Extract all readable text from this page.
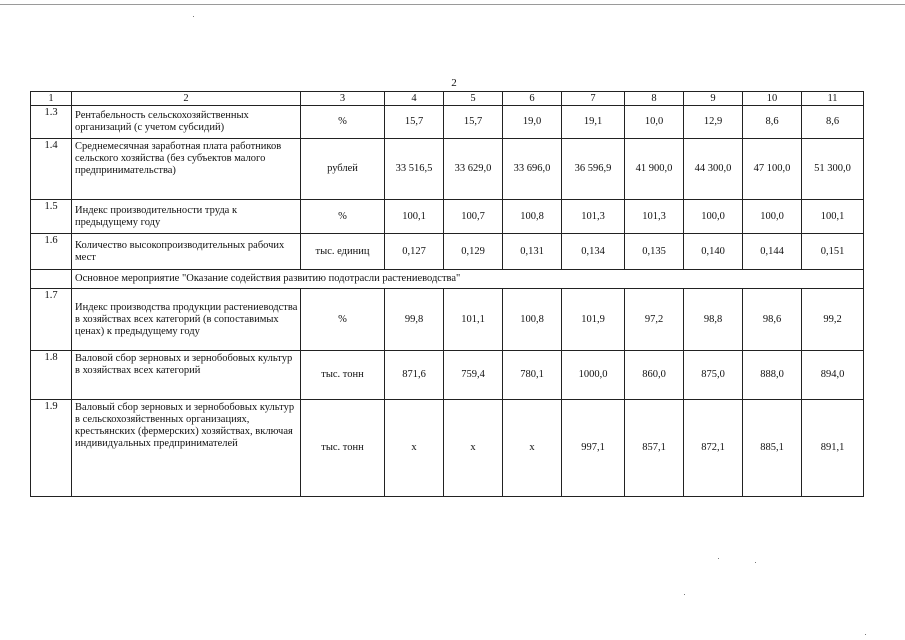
2
1	2	3	4	5	6	7	8	9	10	11
1.3	Рентабельность сельскохозяйственных организаций (с учетом субсидий)	%	15,7	15,7	19,0	19,1	10,0	12,9	8,6	8,6
1.4	Среднемесячная заработная плата работников сельского хозяйства (без субъектов малого предпринимательства)	рублей	33 516,5	33 629,0	33 696,0	36 596,9	41 900,0	44 300,0	47 100,0	51 300,0
1.5	Индекс производительности труда к предыдущему году	%	100,1	100,7	100,8	101,3	101,3	100,0	100,0	100,1
1.6	Количество высокопроизводительных рабочих мест	тыс. единиц	0,127	0,129	0,131	0,134	0,135	0,140	0,144	0,151
	Основное мероприятие "Оказание содействия развитию подотрасли растениеводства"									
1.7	Индекс производства продукции растениеводства в хозяйствах всех категорий (в сопоставимых ценах) к предыдущему году	%	99,8	101,1	100,8	101,9	97,2	98,8	98,6	99,2
1.8	Валовой сбор зерновых и зернобобовых культур в хозяйствах всех категорий	тыс. тонн	871,6	759,4	780,1	1000,0	860,0	875,0	888,0	894,0
1.9	Валовый сбор зерновых и зернобобовых культур в сельскохозяйственных организациях, крестьянских (фермерских) хозяйствах, включая индивидуальных предпринимателей	тыс. тонн	x	x	x	997,1	857,1	872,1	885,1	891,1
